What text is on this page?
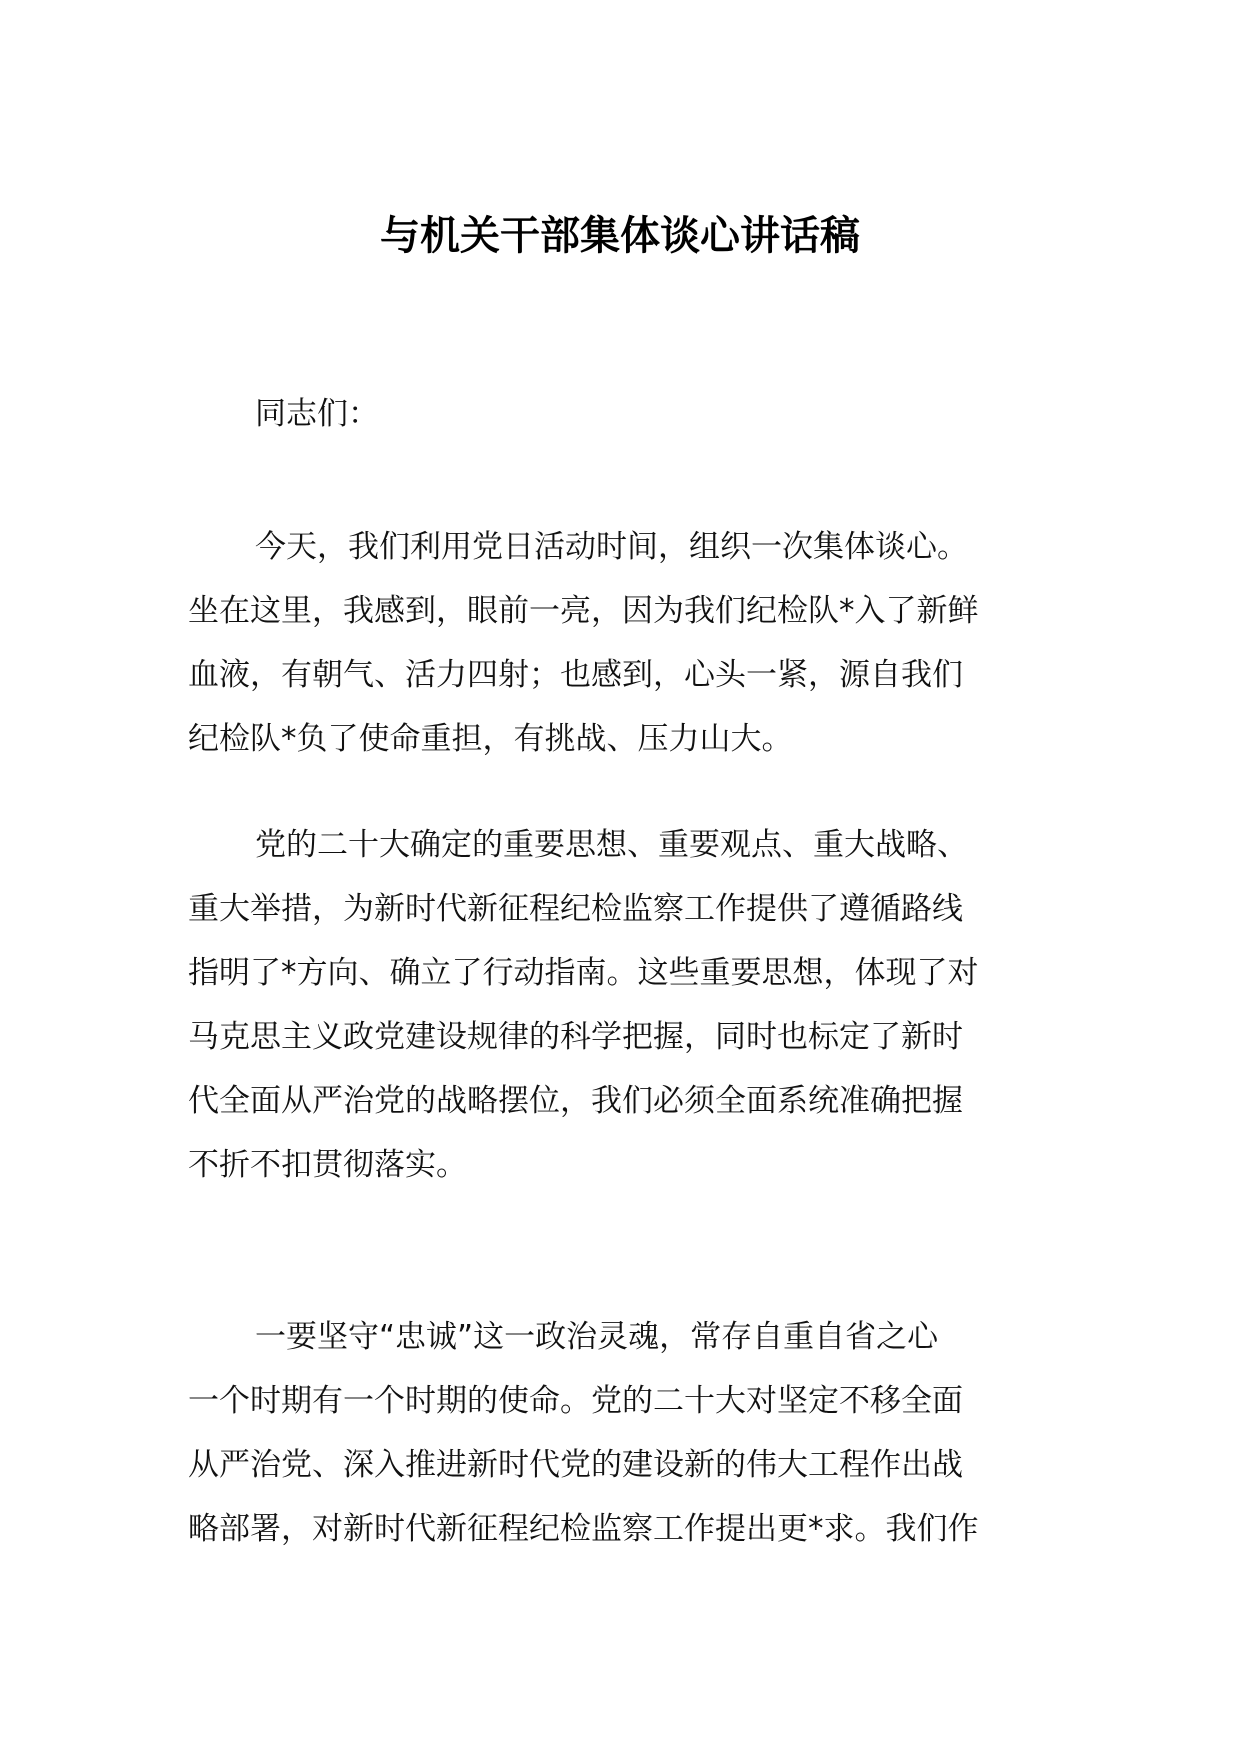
与机关干部集体谈心讲话稿
同志们：
今天，我们利用党日活动时间，组织一次集体谈心。
坐在这里，我感到，眼前一亮，因为我们纪检队*入了新鲜
血液，有朝气、活力四射；也感到，心头一紧，源自我们
纪检队*负了使命重担，有挑战、压力山大。
党的二十大确定的重要思想、重要观点、重大战略、
重大举措，为新时代新征程纪检监察工作提供了遵循路线
指明了*方向、确立了行动指南。这些重要思想，体现了对
马克思主义政党建设规律的科学把握，同时也标定了新时
代全面从严治党的战略摆位，我们必须全面系统准确把握
不折不扣贯彻落实。
一要坚守“忠诚”这一政治灵魂，常存自重自省之心
一个时期有一个时期的使命。党的二十大对坚定不移全面
从严治党、深入推进新时代党的建设新的伟大工程作出战
略部署，对新时代新征程纪检监察工作提出更*求。我们作
